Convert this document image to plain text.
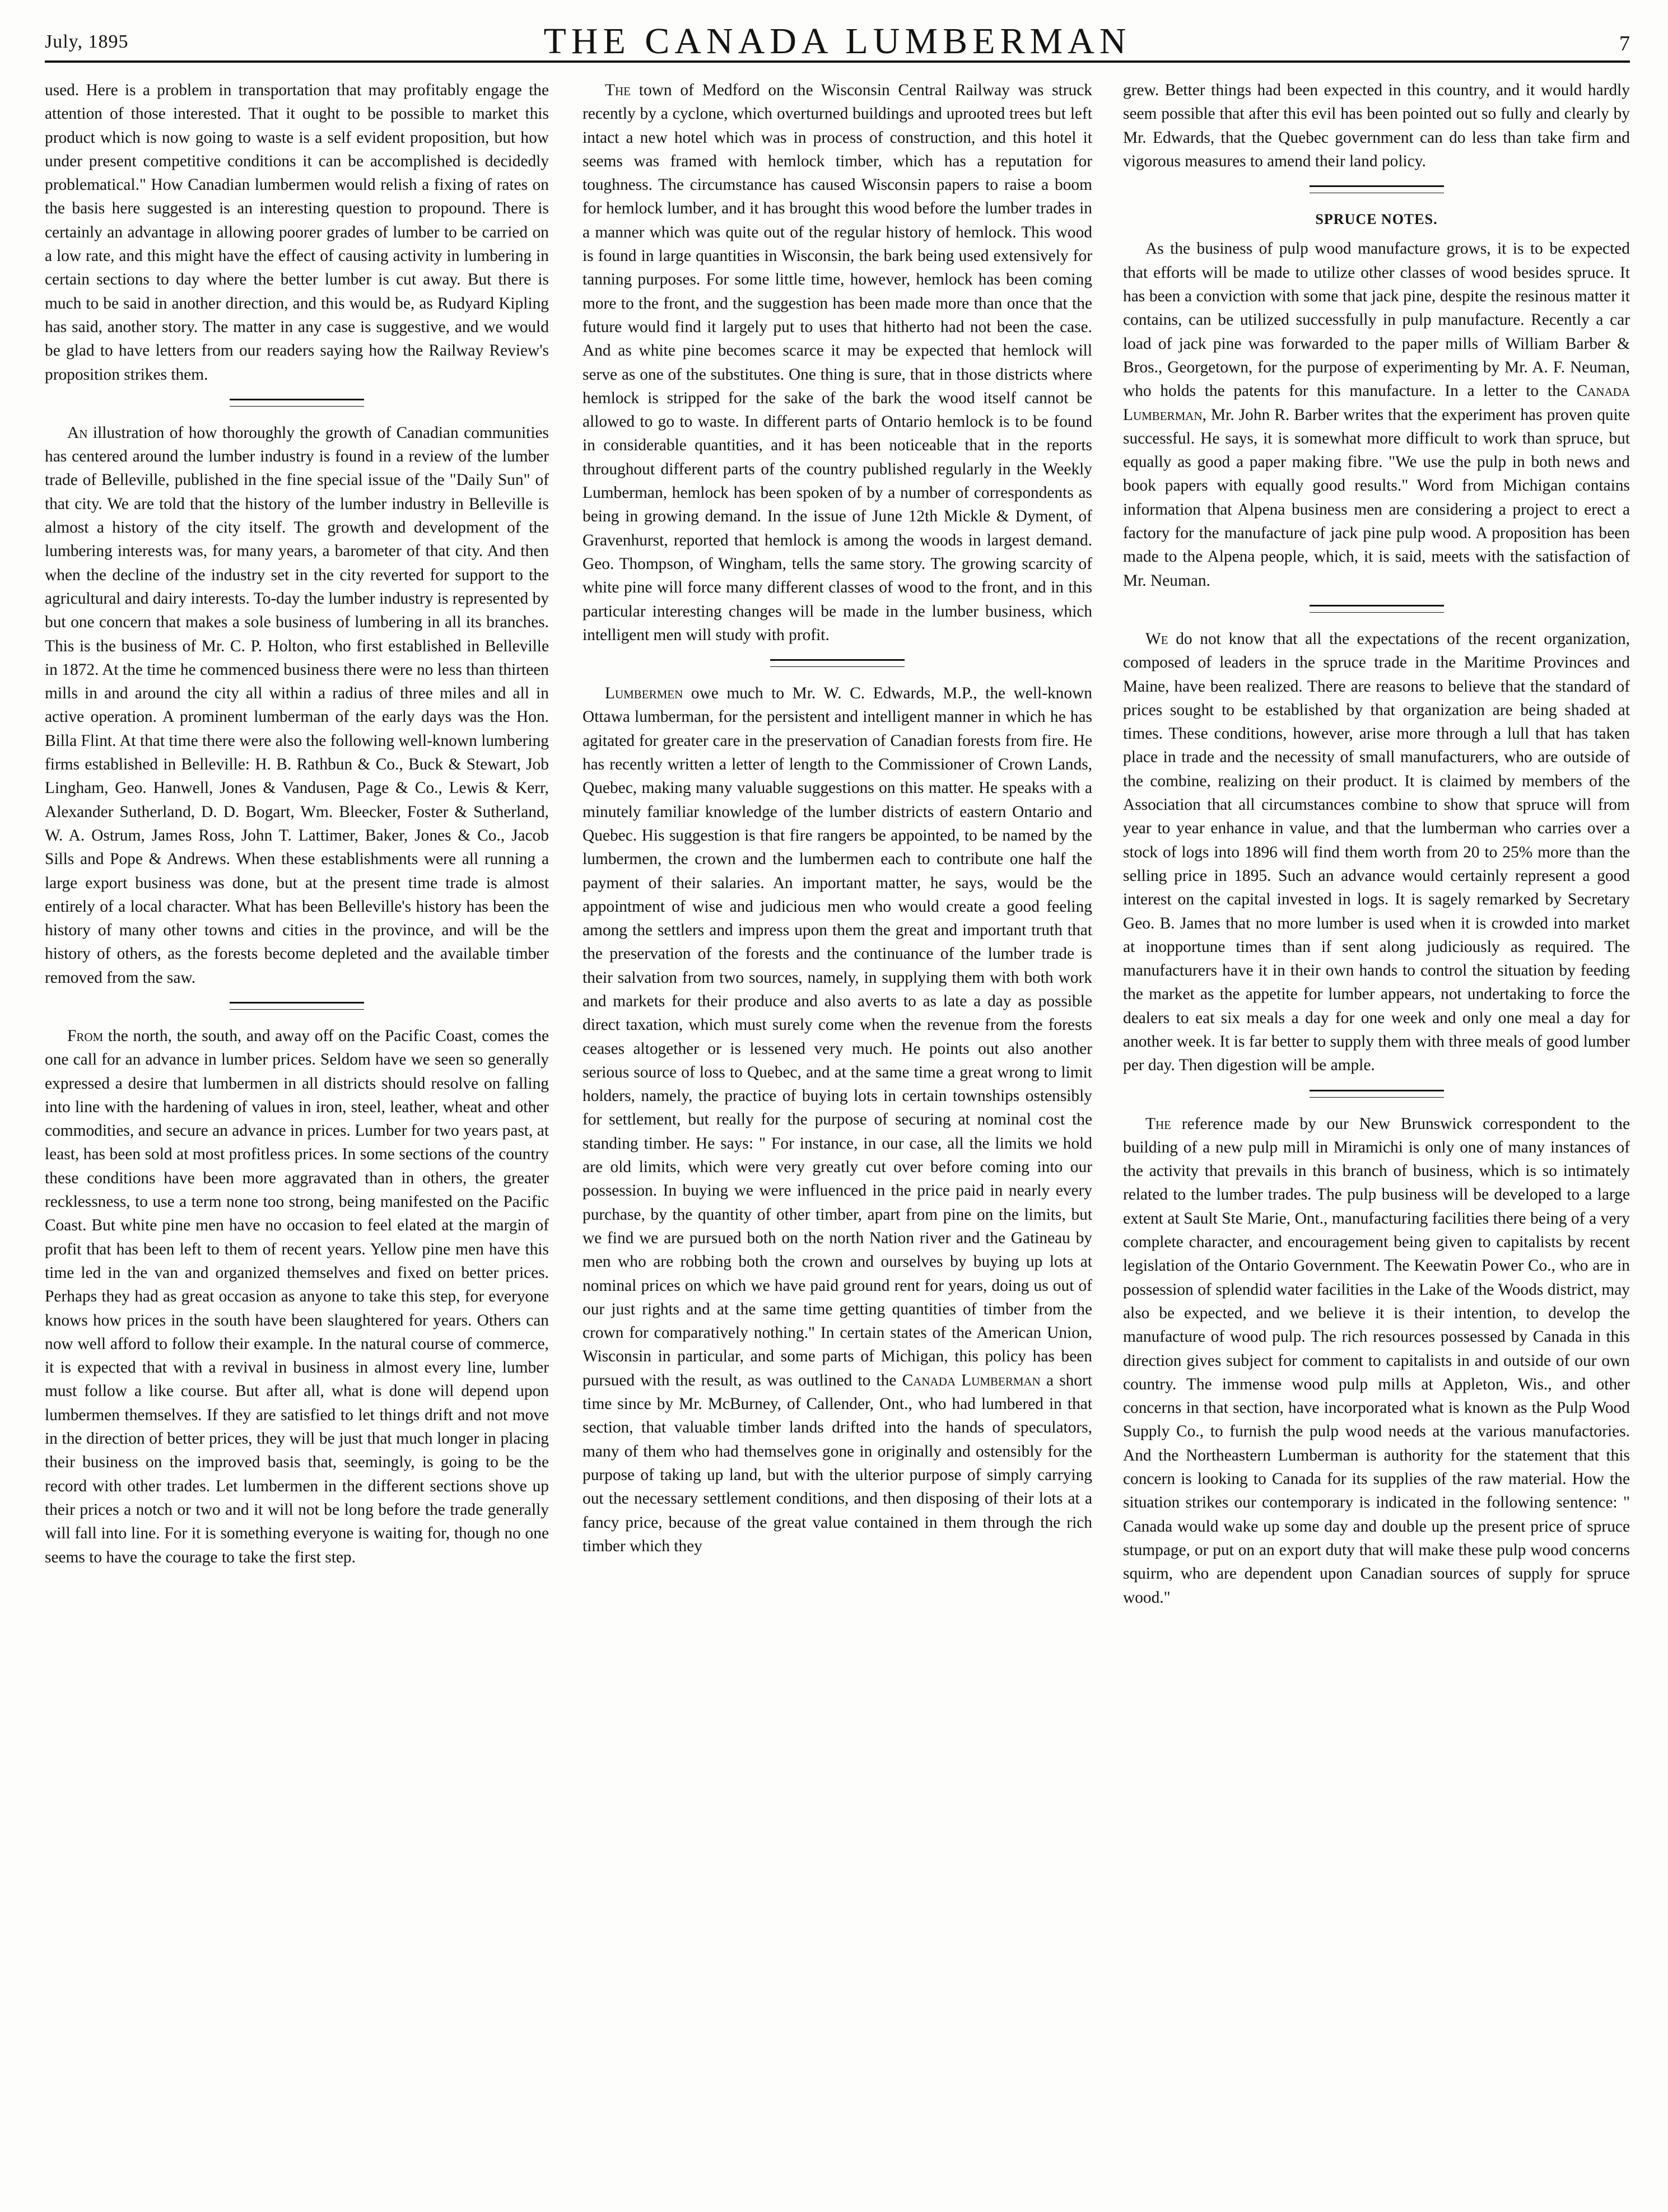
July, 1895	THE CANADA LUMBERMAN	7

used. Here is a problem in transportation that may profitably engage the attention of those interested. That it ought to be possible to market this product which is now going to waste is a self evident proposition, but how under present competitive conditions it can be accomplished is decidedly problematical." How Canadian lumbermen would relish a fixing of rates on the basis here suggested is an interesting question to propound. There is certainly an advantage in allowing poorer grades of lumber to be carried on a low rate, and this might have the effect of causing activity in lumbering in certain sections to day where the better lumber is cut away. But there is much to be said in another direction, and this would be, as Rudyard Kipling has said, another story. The matter in any case is suggestive, and we would be glad to have letters from our readers saying how the Railway Review's proposition strikes them.

An illustration of how thoroughly the growth of Canadian communities has centered around the lumber industry is found in a review of the lumber trade of Belleville, published in the fine special issue of the "Daily Sun" of that city. We are told that the history of the lumber industry in Belleville is almost a history of the city itself. The growth and development of the lumbering interests was, for many years, a barometer of that city. And then when the decline of the industry set in the city reverted for support to the agricultural and dairy interests. To-day the lumber industry is represented by but one concern that makes a sole business of lumbering in all its branches. This is the business of Mr. C. P. Holton, who first established in Belleville in 1872. At the time he commenced business there were no less than thirteen mills in and around the city all within a radius of three miles and all in active operation. A prominent lumberman of the early days was the Hon. Billa Flint. At that time there were also the following well-known lumbering firms established in Belleville: H. B. Rathbun & Co., Buck & Stewart, Job Lingham, Geo. Hanwell, Jones & Vandusen, Page & Co., Lewis & Kerr, Alexander Sutherland, D. D. Bogart, Wm. Bleecker, Foster & Sutherland, W. A. Ostrum, James Ross, John T. Lattimer, Baker, Jones & Co., Jacob Sills and Pope & Andrews. When these establishments were all running a large export business was done, but at the present time trade is almost entirely of a local character. What has been Belleville's history has been the history of many other towns and cities in the province, and will be the history of others, as the forests become depleted and the available timber removed from the saw.

From the north, the south, and away off on the Pacific Coast, comes the one call for an advance in lumber prices. Seldom have we seen so generally expressed a desire that lumbermen in all districts should resolve on falling into line with the hardening of values in iron, steel, leather, wheat and other commodities, and secure an advance in prices. Lumber for two years past, at least, has been sold at most profitless prices. In some sections of the country these conditions have been more aggravated than in others, the greater recklessness, to use a term none too strong, being manifested on the Pacific Coast. But white pine men have no occasion to feel elated at the margin of profit that has been left to them of recent years. Yellow pine men have this time led in the van and organized themselves and fixed on better prices. Perhaps they had as great occasion as anyone to take this step, for everyone knows how prices in the south have been slaughtered for years. Others can now well afford to follow their example. In the natural course of commerce, it is expected that with a revival in business in almost every line, lumber must follow a like course. But after all, what is done will depend upon lumbermen themselves. If they are satisfied to let things drift and not move in the direction of better prices, they will be just that much longer in placing their business on the improved basis that, seemingly, is going to be the record with other trades. Let lumbermen in the different sections shove up their prices a notch or two and it will not be long before the trade generally will fall into line. For it is something everyone is waiting for, though no one seems to have the courage to take the first step.

The town of Medford on the Wisconsin Central Railway was struck recently by a cyclone, which overturned buildings and uprooted trees but left intact a new hotel which was in process of construction, and this hotel it seems was framed with hemlock timber, which has a reputation for toughness. The circumstance has caused Wisconsin papers to raise a boom for hemlock lumber, and it has brought this wood before the lumber trades in a manner which was quite out of the regular history of hemlock. This wood is found in large quantities in Wisconsin, the bark being used extensively for tanning purposes. For some little time, however, hemlock has been coming more to the front, and the suggestion has been made more than once that the future would find it largely put to uses that hitherto had not been the case. And as white pine becomes scarce it may be expected that hemlock will serve as one of the substitutes. One thing is sure, that in those districts where hemlock is stripped for the sake of the bark the wood itself cannot be allowed to go to waste. In different parts of Ontario hemlock is to be found in considerable quantities, and it has been noticeable that in the reports throughout different parts of the country published regularly in the Weekly Lumberman, hemlock has been spoken of by a number of correspondents as being in growing demand. In the issue of June 12th Mickle & Dyment, of Gravenhurst, reported that hemlock is among the woods in largest demand. Geo. Thompson, of Wingham, tells the same story. The growing scarcity of white pine will force many different classes of wood to the front, and in this particular interesting changes will be made in the lumber business, which intelligent men will study with profit.

Lumbermen owe much to Mr. W. C. Edwards, M.P., the well-known Ottawa lumberman, for the persistent and intelligent manner in which he has agitated for greater care in the preservation of Canadian forests from fire. He has recently written a letter of length to the Commissioner of Crown Lands, Quebec, making many valuable suggestions on this matter. He speaks with a minutely familiar knowledge of the lumber districts of eastern Ontario and Quebec. His suggestion is that fire rangers be appointed, to be named by the lumbermen, the crown and the lumbermen each to contribute one half the payment of their salaries. An important matter, he says, would be the appointment of wise and judicious men who would create a good feeling among the settlers and impress upon them the great and important truth that the preservation of the forests and the continuance of the lumber trade is their salvation from two sources, namely, in supplying them with both work and markets for their produce and also averts to as late a day as possible direct taxation, which must surely come when the revenue from the forests ceases altogether or is lessened very much. He points out also another serious source of loss to Quebec, and at the same time a great wrong to limit holders, namely, the practice of buying lots in certain townships ostensibly for settlement, but really for the purpose of securing at nominal cost the standing timber. He says: " For instance, in our case, all the limits we hold are old limits, which were very greatly cut over before coming into our possession. In buying we were influenced in the price paid in nearly every purchase, by the quantity of other timber, apart from pine on the limits, but we find we are pursued both on the north Nation river and the Gatineau by men who are robbing both the crown and ourselves by buying up lots at nominal prices on which we have paid ground rent for years, doing us out of our just rights and at the same time getting quantities of timber from the crown for comparatively nothing." In certain states of the American Union, Wisconsin in particular, and some parts of Michigan, this policy has been pursued with the result, as was outlined to the Canada Lumberman a short time since by Mr. McBurney, of Callender, Ont., who had lumbered in that section, that valuable timber lands drifted into the hands of speculators, many of them who had themselves gone in originally and ostensibly for the purpose of taking up land, but with the ulterior purpose of simply carrying out the necessary settlement conditions, and then disposing of their lots at a fancy price, because of the great value contained in them through the rich timber which they

grew. Better things had been expected in this country, and it would hardly seem possible that after this evil has been pointed out so fully and clearly by Mr. Edwards, that the Quebec government can do less than take firm and vigorous measures to amend their land policy.

SPRUCE NOTES.

As the business of pulp wood manufacture grows, it is to be expected that efforts will be made to utilize other classes of wood besides spruce. It has been a conviction with some that jack pine, despite the resinous matter it contains, can be utilized successfully in pulp manufacture. Recently a car load of jack pine was forwarded to the paper mills of William Barber & Bros., Georgetown, for the purpose of experimenting by Mr. A. F. Neuman, who holds the patents for this manufacture. In a letter to the Canada Lumberman, Mr. John R. Barber writes that the experiment has proven quite successful. He says, it is somewhat more difficult to work than spruce, but equally as good a paper making fibre. "We use the pulp in both news and book papers with equally good results." Word from Michigan contains information that Alpena business men are considering a project to erect a factory for the manufacture of jack pine pulp wood. A proposition has been made to the Alpena people, which, it is said, meets with the satisfaction of Mr. Neuman.

We do not know that all the expectations of the recent organization, composed of leaders in the spruce trade in the Maritime Provinces and Maine, have been realized. There are reasons to believe that the standard of prices sought to be established by that organization are being shaded at times. These conditions, however, arise more through a lull that has taken place in trade and the necessity of small manufacturers, who are outside of the combine, realizing on their product. It is claimed by members of the Association that all circumstances combine to show that spruce will from year to year enhance in value, and that the lumberman who carries over a stock of logs into 1896 will find them worth from 20 to 25% more than the selling price in 1895. Such an advance would certainly represent a good interest on the capital invested in logs. It is sagely remarked by Secretary Geo. B. James that no more lumber is used when it is crowded into market at inopportune times than if sent along judiciously as required. The manufacturers have it in their own hands to control the situation by feeding the market as the appetite for lumber appears, not undertaking to force the dealers to eat six meals a day for one week and only one meal a day for another week. It is far better to supply them with three meals of good lumber per day. Then digestion will be ample.

The reference made by our New Brunswick correspondent to the building of a new pulp mill in Miramichi is only one of many instances of the activity that prevails in this branch of business, which is so intimately related to the lumber trades. The pulp business will be developed to a large extent at Sault Ste Marie, Ont., manufacturing facilities there being of a very complete character, and encouragement being given to capitalists by recent legislation of the Ontario Government. The Keewatin Power Co., who are in possession of splendid water facilities in the Lake of the Woods district, may also be expected, and we believe it is their intention, to develop the manufacture of wood pulp. The rich resources possessed by Canada in this direction gives subject for comment to capitalists in and outside of our own country. The immense wood pulp mills at Appleton, Wis., and other concerns in that section, have incorporated what is known as the Pulp Wood Supply Co., to furnish the pulp wood needs at the various manufactories. And the Northeastern Lumberman is authority for the statement that this concern is looking to Canada for its supplies of the raw material. How the situation strikes our contemporary is indicated in the following sentence: " Canada would wake up some day and double up the present price of spruce stumpage, or put on an export duty that will make these pulp wood concerns squirm, who are dependent upon Canadian sources of supply for spruce wood."
